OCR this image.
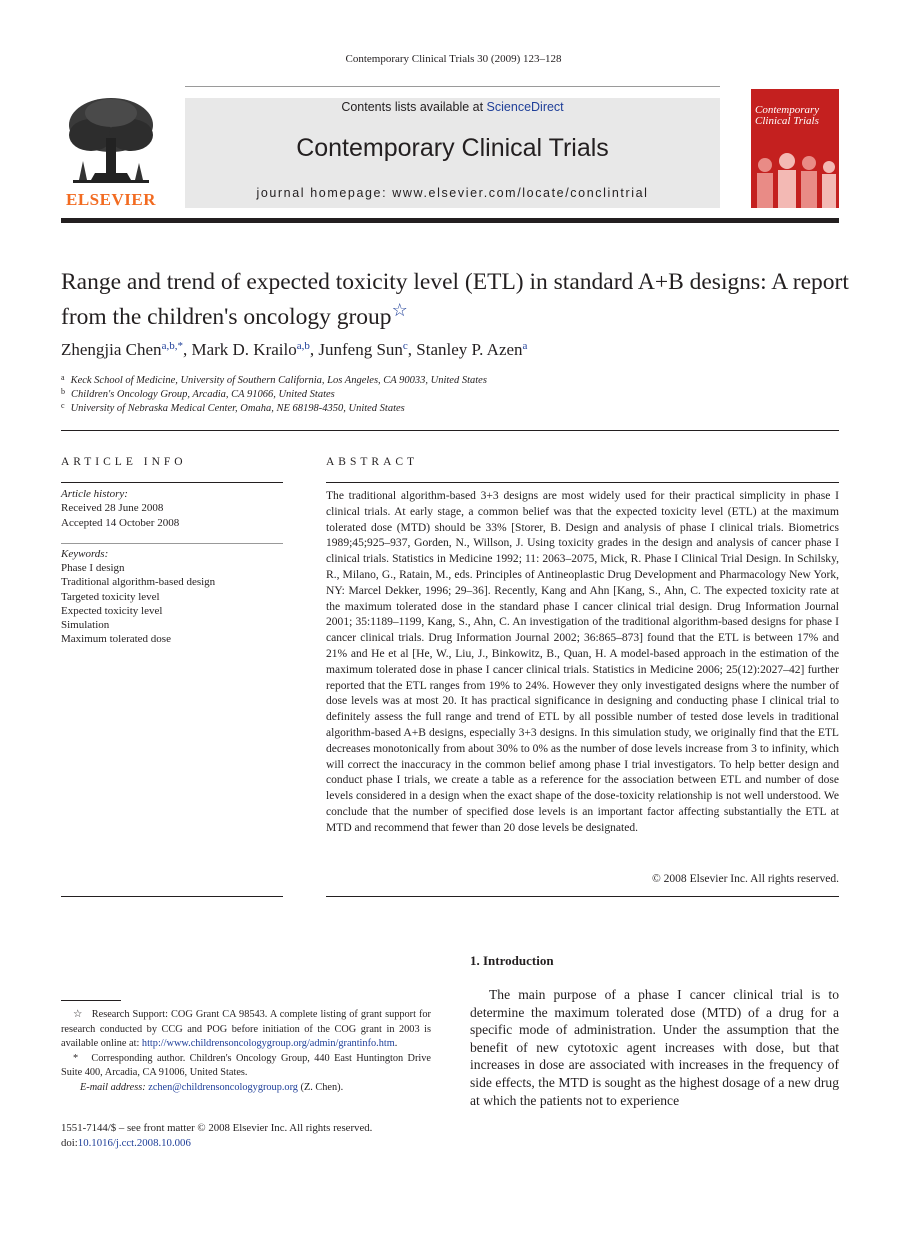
Contemporary Clinical Trials 30 (2009) 123–128
ELSEVIER
Contents lists available at ScienceDirect
Contemporary Clinical Trials
journal homepage: www.elsevier.com/locate/conclintrial
Contemporary Clinical Trials
Range and trend of expected toxicity level (ETL) in standard A+B designs: A report from the children's oncology group☆
Zhengjia Chen$^{a,b,*}$, Mark D. Krailo$^{a,b}$, Junfeng Sun$^c$, Stanley P. Azen$^a$
$^a$ Keck School of Medicine, University of Southern California, Los Angeles, CA 90033, United States
$^b$ Children's Oncology Group, Arcadia, CA 91066, United States
$^c$ University of Nebraska Medical Center, Omaha, NE 68198-4350, United States
ARTICLE INFO
Article history:
Received 28 June 2008
Accepted 14 October 2008
Keywords:
Phase I design
Traditional algorithm-based design
Targeted toxicity level
Expected toxicity level
Simulation
Maximum tolerated dose
ABSTRACT
The traditional algorithm-based 3+3 designs are most widely used for their practical simplicity in phase I clinical trials. At early stage, a common belief was that the expected toxicity level (ETL) at the maximum tolerated dose (MTD) should be 33% [Storer, B. Design and analysis of phase I clinical trials. Biometrics 1989;45;925–937, Gorden, N., Willson, J. Using toxicity grades in the design and analysis of cancer phase I clinical trials. Statistics in Medicine 1992; 11: 2063–2075, Mick, R. Phase I Clinical Trial Design. In Schilsky, R., Milano, G., Ratain, M., eds. Principles of Antineoplastic Drug Development and Pharmacology New York, NY: Marcel Dekker, 1996; 29–36]. Recently, Kang and Ahn [Kang, S., Ahn, C. The expected toxicity rate at the maximum tolerated dose in the standard phase I cancer clinical trial design. Drug Information Journal 2001; 35:1189–1199, Kang, S., Ahn, C. An investigation of the traditional algorithm-based designs for phase I cancer clinical trials. Drug Information Journal 2002; 36:865–873] found that the ETL is between 17% and 21% and He et al [He, W., Liu, J., Binkowitz, B., Quan, H. A model-based approach in the estimation of the maximum tolerated dose in phase I cancer clinical trials. Statistics in Medicine 2006; 25(12):2027–42] further reported that the ETL ranges from 19% to 24%. However they only investigated designs where the number of dose levels was at most 20. It has practical significance in designing and conducting phase I clinical trial to definitely assess the full range and trend of ETL by all possible number of tested dose levels in traditional algorithm-based A+B designs, especially 3+3 designs. In this simulation study, we originally find that the ETL decreases monotonically from about 30% to 0% as the number of dose levels increase from 3 to infinity, which will correct the inaccuracy in the common belief among phase I trial investigators. To help better design and conduct phase I trials, we create a table as a reference for the association between ETL and number of dose levels considered in a design when the exact shape of the dose-toxicity relationship is not well understood. We conclude that the number of specified dose levels is an important factor affecting substantially the ETL at MTD and recommend that fewer than 20 dose levels be designated.
© 2008 Elsevier Inc. All rights reserved.
1. Introduction
The main purpose of a phase I cancer clinical trial is to determine the maximum tolerated dose (MTD) of a drug for a specific mode of administration. Under the assumption that the benefit of new cytotoxic agent increases with dose, but that increases in dose are associated with increases in the frequency of side effects, the MTD is sought as the highest dosage of a new drug at which the patients not to experience

☆ Research Support: COG Grant CA 98543. A complete listing of grant support for research conducted by CCG and POG before initiation of the COG grant in 2003 is available online at: http://www.childrensoncologygroup.org/admin/grantinfo.htm.

* Corresponding author. Children's Oncology Group, 440 East Huntington Drive Suite 400, Arcadia, CA 91006, United States.

E-mail address: zchen@childrensoncologygroup.org (Z. Chen).

1551-7144/$ – see front matter © 2008 Elsevier Inc. All rights reserved.
doi:10.1016/j.cct.2008.10.006
